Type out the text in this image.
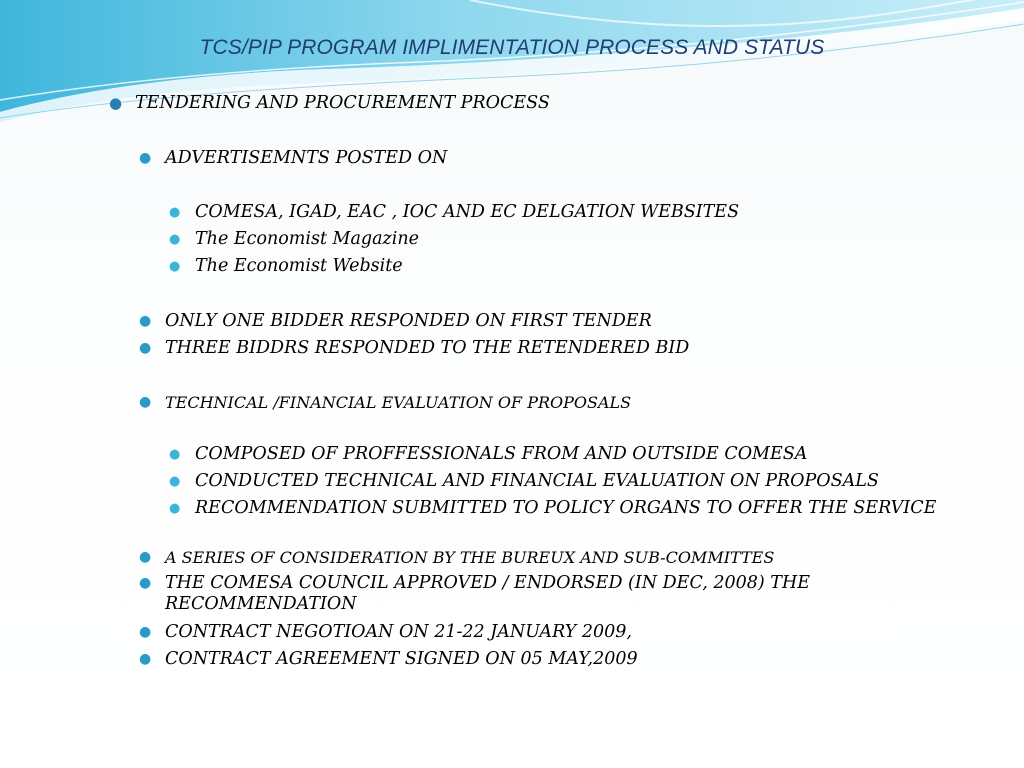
TCS/PIP PROGRAM IMPLIMENTATION PROCESS AND STATUS
● TENDERING AND PROCUREMENT PROCESS
● ADVERTISEMNTS POSTED ON
● COMESA, IGAD, EAC , IOC AND EC DELGATION WEBSITES
● The Economist Magazine
● The Economist Website
● ONLY ONE BIDDER RESPONDED ON FIRST TENDER
● THREE BIDDRS RESPONDED TO THE RETENDERED BID
● TECHNICAL /FINANCIAL EVALUATION OF PROPOSALS
● COMPOSED OF PROFFESSIONALS FROM AND OUTSIDE COMESA
● CONDUCTED TECHNICAL AND FINANCIAL EVALUATION ON PROPOSALS
● RECOMMENDATION SUBMITTED TO POLICY ORGANS TO OFFER THE SERVICE
● A SERIES OF CONSIDERATION BY THE BUREUX AND SUB-COMMITTES
● THE COMESA COUNCIL APPROVED / ENDORSED (IN DEC, 2008) THE RECOMMENDATION
● CONTRACT NEGOTIOAN ON 21-22 JANUARY 2009,
● CONTRACT AGREEMENT SIGNED ON 05 MAY,2009
